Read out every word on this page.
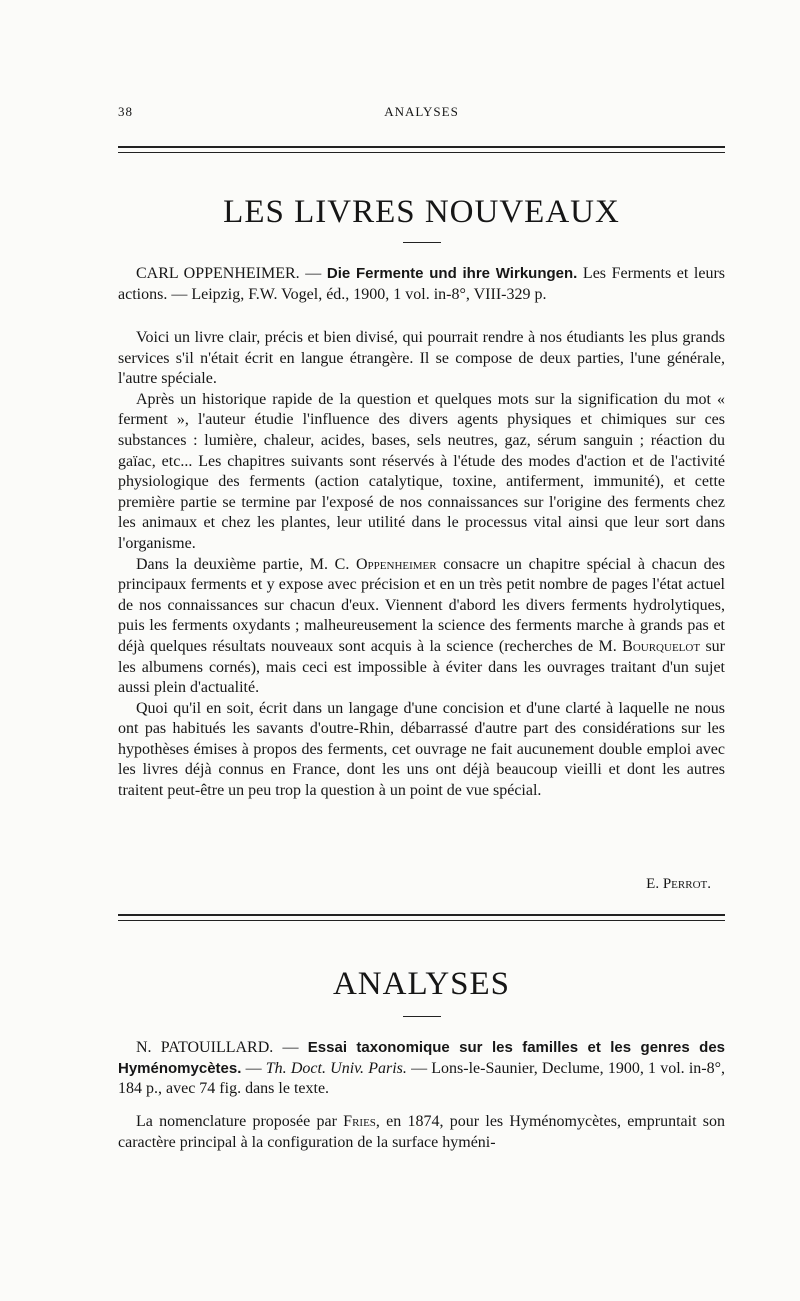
38	ANALYSES
LES LIVRES NOUVEAUX
CARL OPPENHEIMER. — Die Fermente und ihre Wirkungen. Les Ferments et leurs actions. — Leipzig, F.W. Vogel, éd., 1900, 1 vol. in-8°, VIII-329 p.

Voici un livre clair, précis et bien divisé, qui pourrait rendre à nos étudiants les plus grands services s'il n'était écrit en langue étrangère. Il se compose de deux parties, l'une générale, l'autre spéciale.

Après un historique rapide de la question et quelques mots sur la signification du mot « ferment », l'auteur étudie l'influence des divers agents physiques et chimiques sur ces substances : lumière, chaleur, acides, bases, sels neutres, gaz, sérum sanguin ; réaction du gaïac, etc... Les chapitres suivants sont réservés à l'étude des modes d'action et de l'activité physiologique des ferments (action catalytique, toxine, antiferment, immunité), et cette première partie se termine par l'exposé de nos connaissances sur l'origine des ferments chez les animaux et chez les plantes, leur utilité dans le processus vital ainsi que leur sort dans l'organisme.

Dans la deuxième partie, M. C. Oppenheimer consacre un chapitre spécial à chacun des principaux ferments et y expose avec précision et en un très petit nombre de pages l'état actuel de nos connaissances sur chacun d'eux. Viennent d'abord les divers ferments hydrolytiques, puis les ferments oxydants ; malheureusement la science des ferments marche à grands pas et déjà quelques résultats nouveaux sont acquis à la science (recherches de M. Bourquelot sur les albumens cornés), mais ceci est impossible à éviter dans les ouvrages traitant d'un sujet aussi plein d'actualité.

Quoi qu'il en soit, écrit dans un langage d'une concision et d'une clarté à laquelle ne nous ont pas habitués les savants d'outre-Rhin, débarrassé d'autre part des considérations sur les hypothèses émises à propos des ferments, cet ouvrage ne fait aucunement double emploi avec les livres déjà connus en France, dont les uns ont déjà beaucoup vieilli et dont les autres traitent peut-être un peu trop la question à un point de vue spécial.

E. Perrot.
ANALYSES
N. PATOUILLARD. — Essai taxonomique sur les familles et les genres des Hyménomycètes. — Th. Doct. Univ. Paris. — Lons-le-Saunier, Declume, 1900, 1 vol. in-8°, 184 p., avec 74 fig. dans le texte.

La nomenclature proposée par Fries, en 1874, pour les Hyménomycètes, empruntait son caractère principal à la configuration de la surface hyméni-
